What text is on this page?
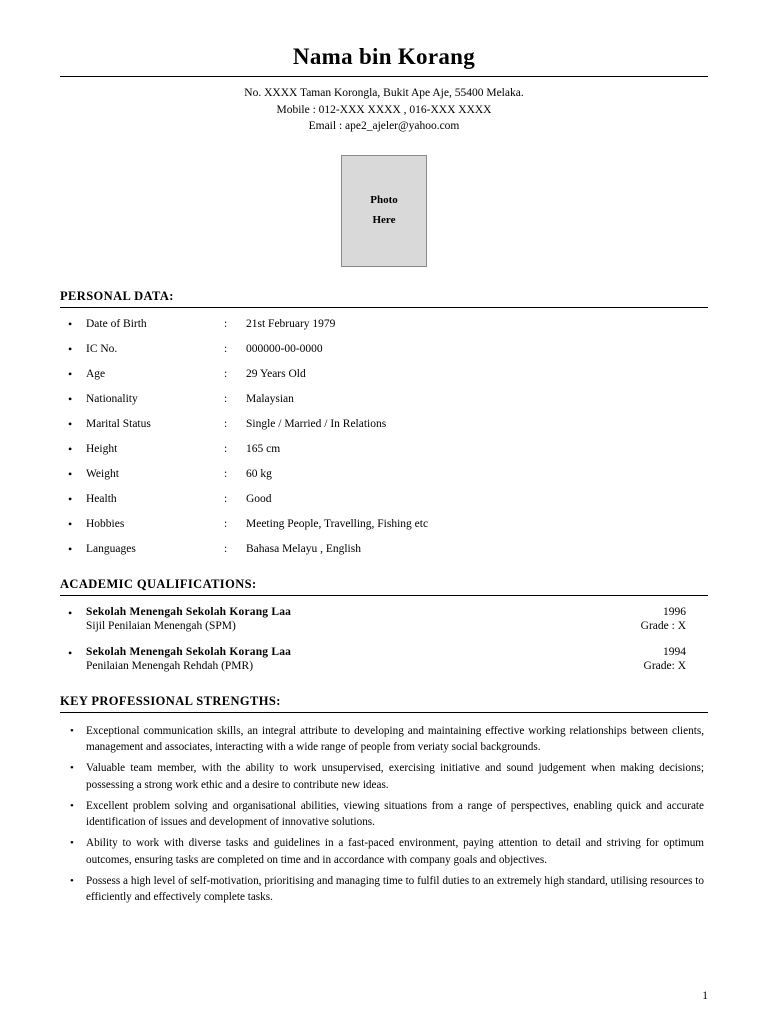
Nama bin Korang
No. XXXX Taman Korongla, Bukit Ape Aje, 55400 Melaka.
Mobile : 012-XXX XXXX , 016-XXX XXXX
Email : ape2_ajeler@yahoo.com
Photo
Here
PERSONAL DATA:
• Date of Birth	:	21st February 1979
• IC No.	:	000000-00-0000
• Age	:	29 Years Old
• Nationality	:	Malaysian
• Marital Status	:	Single / Married / In Relations
• Height	:	165 cm
• Weight	:	60 kg
• Health	:	Good
• Hobbies	:	Meeting People, Travelling, Fishing etc
• Languages	:	Bahasa Melayu , English
ACADEMIC QUALIFICATIONS:
• Sekolah Menengah Sekolah Korang Laa	1996
Sijil Penilaian Menengah (SPM)	Grade : X
• Sekolah Menengah Sekolah Korang Laa	1994
Penilaian Menengah Rehdah (PMR)	Grade: X
KEY PROFESSIONAL STRENGTHS:
• Exceptional communication skills, an integral attribute to developing and maintaining effective working relationships between clients, management and associates, interacting with a wide range of people from veriaty social backgrounds.
• Valuable team member, with the ability to work unsupervised, exercising initiative and sound judgement when making decisions; possessing a strong work ethic and a desire to contribute new ideas.
• Excellent problem solving and organisational abilities, viewing situations from a range of perspectives, enabling quick and accurate identification of issues and development of innovative solutions.
• Ability to work with diverse tasks and guidelines in a fast-paced environment, paying attention to detail and striving for optimum outcomes, ensuring tasks are completed on time and in accordance with company goals and objectives.
• Possess a high level of self-motivation, prioritising and managing time to fulfil duties to an extremely high standard, utilising resources to efficiently and effectively complete tasks.
1
